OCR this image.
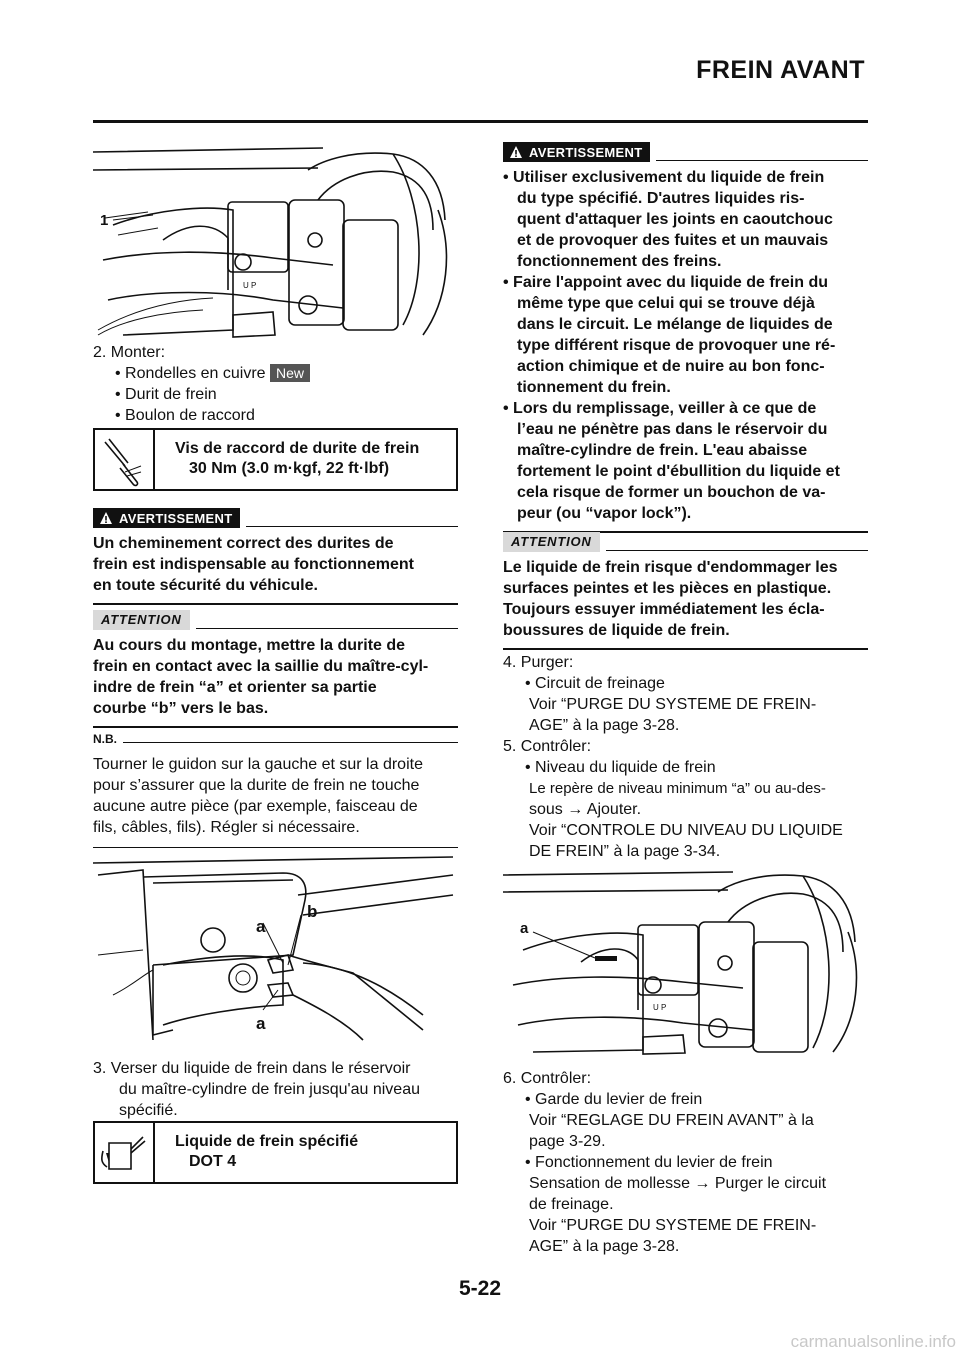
FREIN AVANT
U P
1
2. Monter:
• Rondelles en cuivre New
• Durit de frein
• Boulon de raccord
Vis de raccord de durite de frein
30 Nm (3.0 m·kgf, 22 ft·lbf)
AVERTISSEMENT
Un cheminement correct des durites de
frein est indispensable au fonctionnement
en toute sécurité du véhicule.
ATTENTION
Au cours du montage, mettre la durite de
frein en contact avec la saillie du maître-cyl-
indre de frein “a” et orienter sa partie
courbe “b” vers le bas.
N.B.
Tourner le guidon sur la gauche et sur la droite
pour s’assurer que la durite de frein ne touche
aucune autre pièce (par exemple, faisceau de
fils, câbles, fils). Régler si nécessaire.
a
b
a
3. Verser du liquide de frein dans le réservoir
du maître-cylindre de frein jusqu'au niveau
spécifié.
Liquide de frein spécifié
DOT 4
AVERTISSEMENT
• Utiliser exclusivement du liquide de frein
du type spécifié. D'autres liquides ris-
quent d'attaquer les joints en caoutchouc
et de provoquer des fuites et un mauvais
fonctionnement des freins.
• Faire l'appoint avec du liquide de frein du
même type que celui qui se trouve déjà
dans le circuit. Le mélange de liquides de
type différent risque de provoquer une ré-
action chimique et de nuire au bon fonc-
tionnement du frein.
• Lors du remplissage, veiller à ce que de
l’eau ne pénètre pas dans le réservoir du
maître-cylindre de frein. L'eau abaisse
fortement le point d'ébullition du liquide et
cela risque de former un bouchon de va-
peur (ou “vapor lock”).
ATTENTION
Le liquide de frein risque d'endommager les
surfaces peintes et les pièces en plastique.
Toujours essuyer immédiatement les écla-
boussures de liquide de frein.
4. Purger:
• Circuit de freinage
Voir “PURGE DU SYSTEME DE FREIN-
AGE” à la page 3-28.
5. Contrôler:
• Niveau du liquide de frein
Le repère de niveau minimum “a” ou au-des-
sous → Ajouter.
Voir “CONTROLE DU NIVEAU DU LIQUIDE
DE FREIN” à la page 3-34.
U P
a
6. Contrôler:
• Garde du levier de frein
Voir “REGLAGE DU FREIN AVANT” à la
page 3-29.
• Fonctionnement du levier de frein
Sensation de mollesse → Purger le circuit
de freinage.
Voir “PURGE DU SYSTEME DE FREIN-
AGE” à la page 3-28.
5-22
carmanualsonline.info
